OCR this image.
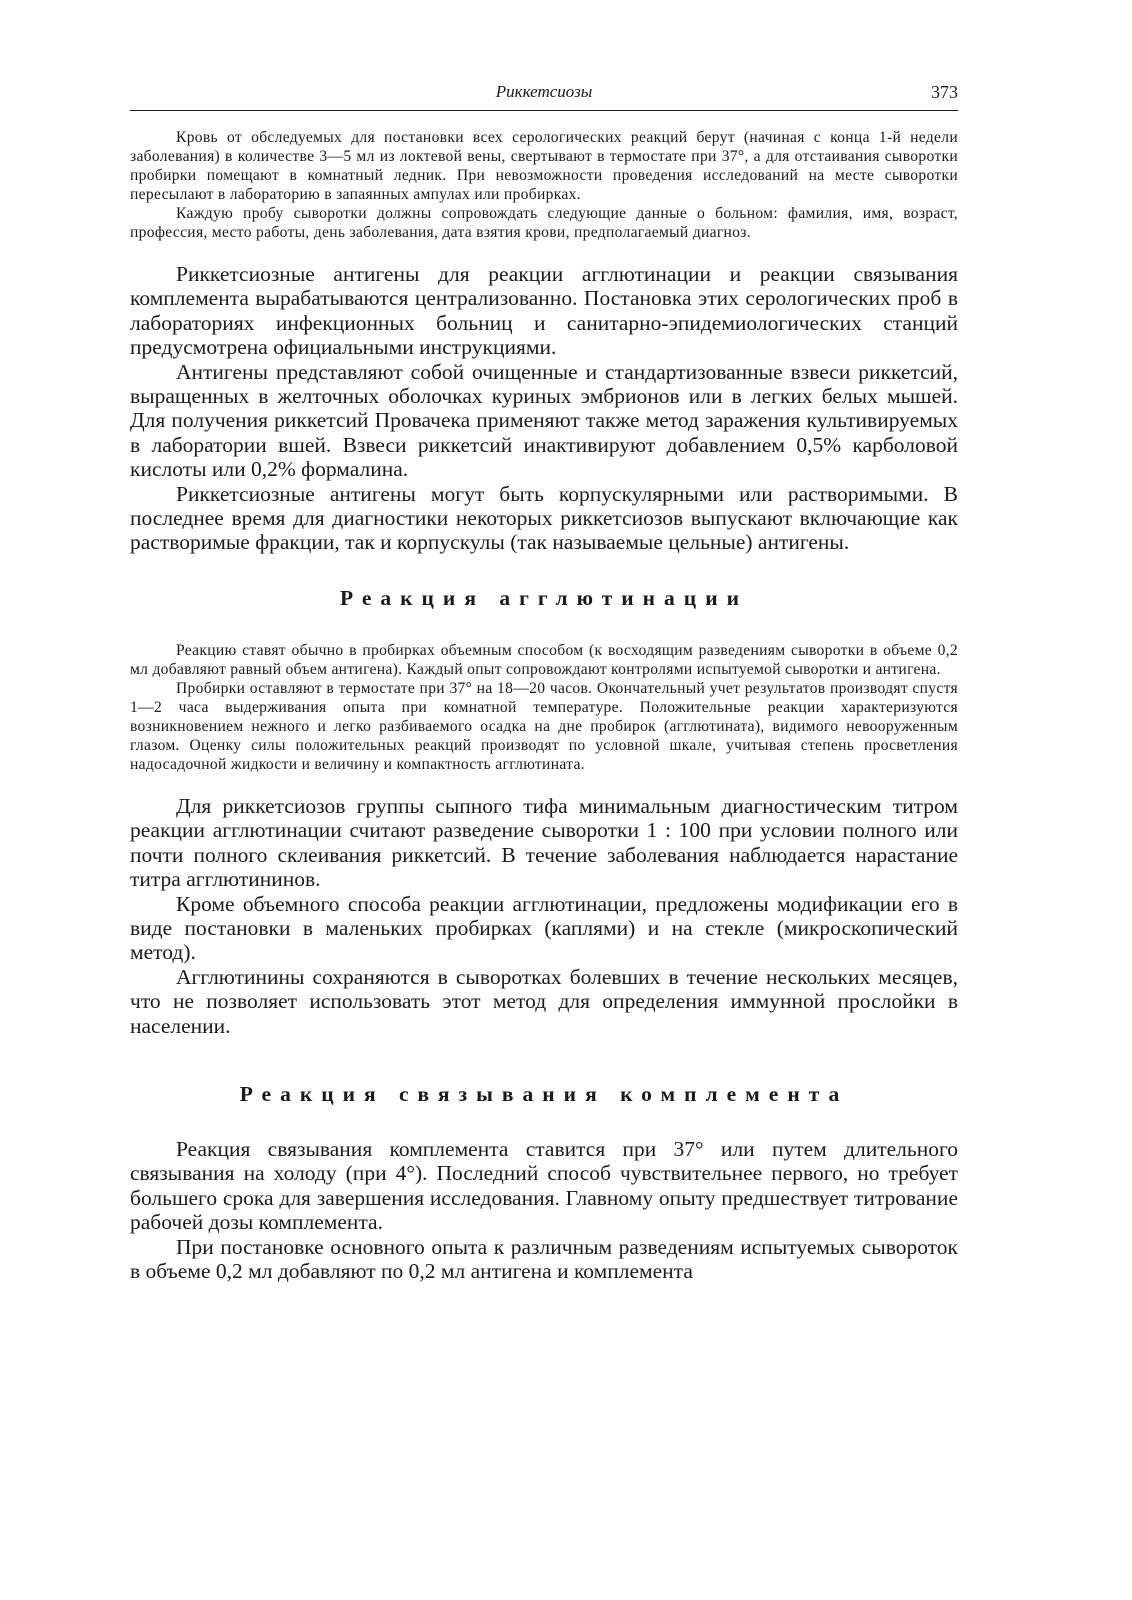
Риккетсиозы	373

Кровь от обследуемых для постановки всех серологических реакций берут (начиная с конца 1-й недели заболевания) в количестве 3—5 мл из локтевой вены, свертывают в термостате при 37°, а для отстаивания сыворотки пробирки помещают в комнатный ледник. При невозможности проведения исследований на месте сыворотки пересылают в лабораторию в запаянных ампулах или пробирках.

Каждую пробу сыворотки должны сопровождать следующие данные о больном: фамилия, имя, возраст, профессия, место работы, день заболевания, дата взятия крови, предполагаемый диагноз.

Риккетсиозные антигены для реакции агглютинации и реакции связывания комплемента вырабатываются централизованно. Постановка этих серологических проб в лабораториях инфекционных больниц и санитарно-эпидемиологических станций предусмотрена официальными инструкциями.

Антигены представляют собой очищенные и стандартизованные взвеси риккетсий, выращенных в желточных оболочках куриных эмбрионов или в легких белых мышей. Для получения риккетсий Провачека применяют также метод заражения культивируемых в лаборатории вшей. Взвеси риккетсий инактивируют добавлением 0,5% карболовой кислоты или 0,2% формалина.

Риккетсиозные антигены могут быть корпускулярными или растворимыми. В последнее время для диагностики некоторых риккетсиозов выпускают включающие как растворимые фракции, так и корпускулы (так называемые цельные) антигены.

Реакция агглютинации

Реакцию ставят обычно в пробирках объемным способом (к восходящим разведениям сыворотки в объеме 0,2 мл добавляют равный объем антигена). Каждый опыт сопровождают контролями испытуемой сыворотки и антигена.

Пробирки оставляют в термостате при 37° на 18—20 часов. Окончательный учет результатов производят спустя 1—2 часа выдерживания опыта при комнатной температуре. Положительные реакции характеризуются возникновением нежного и легко разбиваемого осадка на дне пробирок (агглютината), видимого невооруженным глазом. Оценку силы положительных реакций производят по условной шкале, учитывая степень просветления надосадочной жидкости и величину и компактность агглютината.

Для риккетсиозов группы сыпного тифа минимальным диагностическим титром реакции агглютинации считают разведение сыворотки 1 : 100 при условии полного или почти полного склеивания риккетсий. В течение заболевания наблюдается нарастание титра агглютининов.

Кроме объемного способа реакции агглютинации, предложены модификации его в виде постановки в маленьких пробирках (каплями) и на стекле (микроскопический метод).

Агглютинины сохраняются в сыворотках болевших в течение нескольких месяцев, что не позволяет использовать этот метод для определения иммунной прослойки в населении.

Реакция связывания комплемента

Реакция связывания комплемента ставится при 37° или путем длительного связывания на холоду (при 4°). Последний способ чувствительнее первого, но требует большего срока для завершения исследования. Главному опыту предшествует титрование рабочей дозы комплемента.

При постановке основного опыта к различным разведениям испытуемых сывороток в объеме 0,2 мл добавляют по 0,2 мл антигена и комплемента
